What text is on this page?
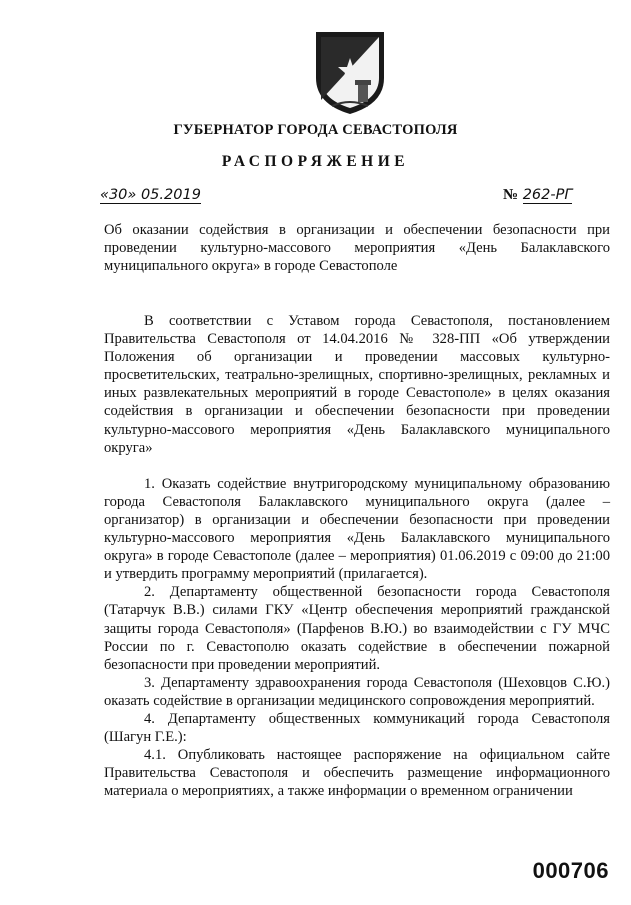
ГУБЕРНАТОР ГОРОДА СЕВАСТОПОЛЯ
РАСПОРЯЖЕНИЕ
«30» 05.2019	№ 262-РГ
Об оказании содействия в организации и обеспечении безопасности при проведении культурно-массового мероприятия «День Балаклавского муниципального округа» в городе Севастополе

В соответствии с Уставом города Севастополя, постановлением Правительства Севастополя от 14.04.2016 № 328-ПП «Об утверждении Положения об организации и проведении массовых культурно-просветительских, театрально-зрелищных, спортивно-зрелищных, рекламных и иных развлекательных мероприятий в городе Севастополе» в целях оказания содействия в организации и обеспечении безопасности при проведении культурно-массового мероприятия «День Балаклавского муниципального округа»

1. Оказать содействие внутригородскому муниципальному образованию города Севастополя Балаклавского муниципального округа (далее – организатор) в организации и обеспечении безопасности при проведении культурно-массового мероприятия «День Балаклавского муниципального округа» в городе Севастополе (далее – мероприятия) 01.06.2019 с 09:00 до 21:00 и утвердить программу мероприятий (прилагается).

2. Департаменту общественной безопасности города Севастополя (Татарчук В.В.) силами ГКУ «Центр обеспечения мероприятий гражданской защиты города Севастополя» (Парфенов В.Ю.) во взаимодействии с ГУ МЧС России по г. Севастополю оказать содействие в обеспечении пожарной безопасности при проведении мероприятий.

3. Департаменту здравоохранения города Севастополя (Шеховцов С.Ю.) оказать содействие в организации медицинского сопровождения мероприятий.

4. Департаменту общественных коммуникаций города Севастополя (Шагун Г.Е.):

4.1. Опубликовать настоящее распоряжение на официальном сайте Правительства Севастополя и обеспечить размещение информационного материала о мероприятиях, а также информации о временном ограничении

000706
